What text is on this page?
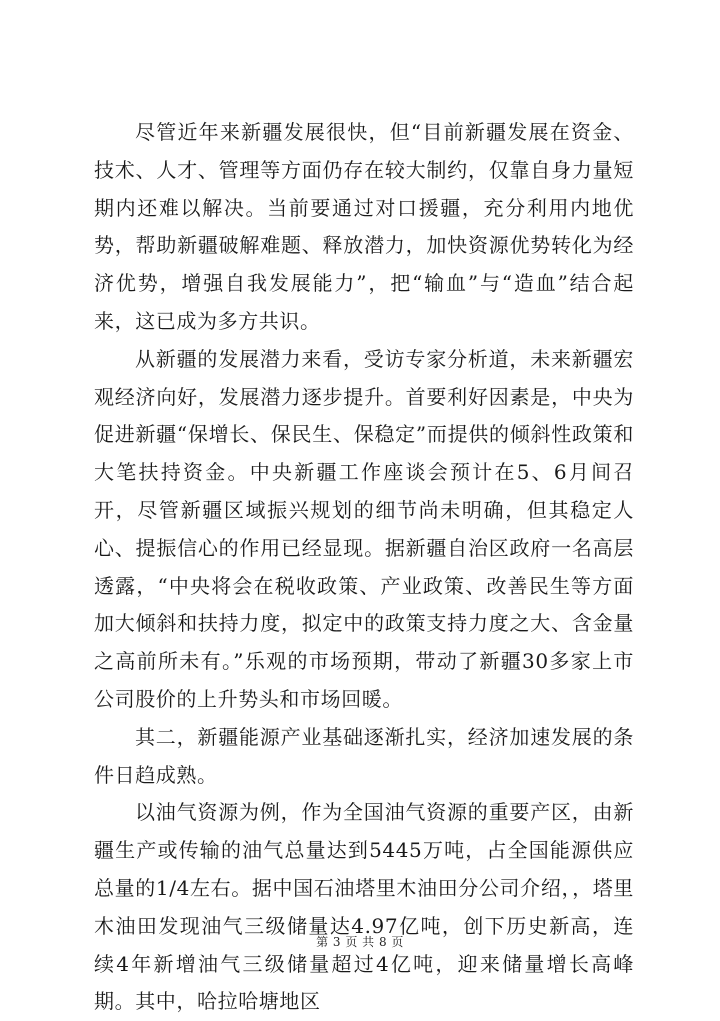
尽管近年来新疆发展很快，但“目前新疆发展在资金、技术、人才、管理等方面仍存在较大制约，仅靠自身力量短期内还难以解决。当前要通过对口援疆，充分利用内地优势，帮助新疆破解难题、释放潜力，加快资源优势转化为经济优势，增强自我发展能力”，把“输血”与“造血”结合起来，这已成为多方共识。

从新疆的发展潜力来看，受访专家分析道，未来新疆宏观经济向好，发展潜力逐步提升。首要利好因素是，中央为促进新疆“保增长、保民生、保稳定”而提供的倾斜性政策和大笔扶持资金。中央新疆工作座谈会预计在5、6月间召开，尽管新疆区域振兴规划的细节尚未明确，但其稳定人心、提振信心的作用已经显现。据新疆自治区政府一名高层透露，“中央将会在税收政策、产业政策、改善民生等方面加大倾斜和扶持力度，拟定中的政策支持力度之大、含金量之高前所未有。”乐观的市场预期，带动了新疆30多家上市公司股价的上升势头和市场回暖。

其二，新疆能源产业基础逐渐扎实，经济加速发展的条件日趋成熟。

以油气资源为例，作为全国油气资源的重要产区，由新疆生产或传输的油气总量达到5445万吨，占全国能源供应总量的1/4左右。据中国石油塔里木油田分公司介绍，，塔里木油田发现油气三级储量达4.97亿吨，创下历史新高，连续4年新增油气三级储量超过4亿吨，迎来储量增长高峰期。其中，哈拉哈塘地区

第 3 页 共 8 页
